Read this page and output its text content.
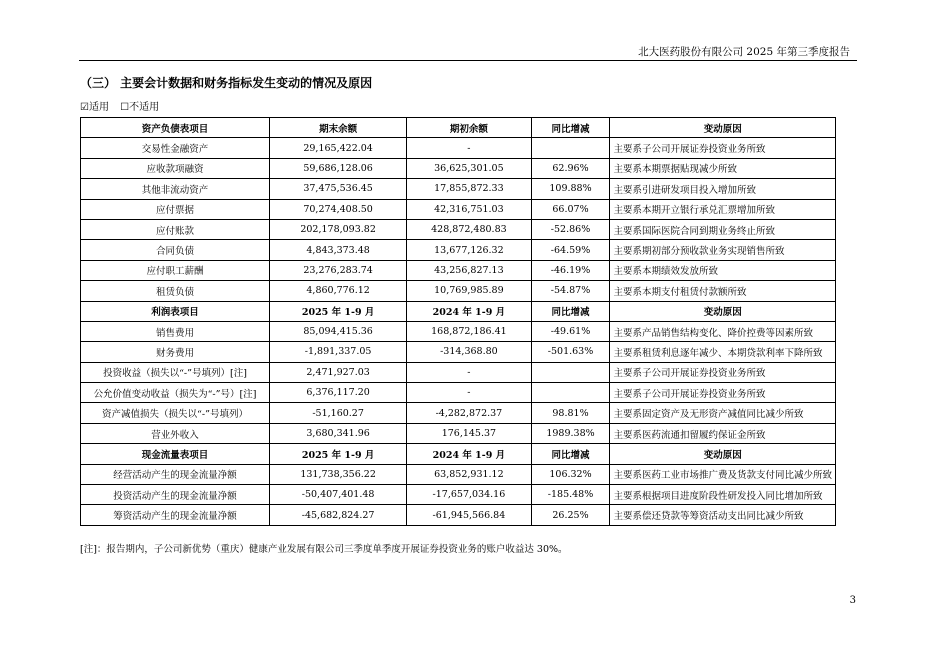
北大医药股份有限公司 2025 年第三季度报告
（三） 主要会计数据和财务指标发生变动的情况及原因
☑适用 ☐不适用
资产负债表项目	期末余额	期初余额	同比增减	变动原因
交易性金融资产	29,165,422.04	-		主要系子公司开展证券投资业务所致
应收款项融资	59,686,128.06	36,625,301.05	62.96%	主要系本期票据贴现减少所致
其他非流动资产	37,475,536.45	17,855,872.33	109.88%	主要系引进研发项目投入增加所致
应付票据	70,274,408.50	42,316,751.03	66.07%	主要系本期开立银行承兑汇票增加所致
应付账款	202,178,093.82	428,872,480.83	-52.86%	主要系国际医院合同到期业务终止所致
合同负债	4,843,373.48	13,677,126.32	-64.59%	主要系期初部分预收款业务实现销售所致
应付职工薪酬	23,276,283.74	43,256,827.13	-46.19%	主要系本期绩效发放所致
租赁负债	4,860,776.12	10,769,985.89	-54.87%	主要系本期支付租赁付款额所致
利润表项目	2025 年 1-9 月	2024 年 1-9 月	同比增减	变动原因
销售费用	85,094,415.36	168,872,186.41	-49.61%	主要系产品销售结构变化、降价控费等因素所致
财务费用	-1,891,337.05	-314,368.80	-501.63%	主要系租赁利息逐年减少、本期贷款利率下降所致
投资收益（损失以“-”号填列）[注]	2,471,927.03	-		主要系子公司开展证券投资业务所致
公允价值变动收益（损失为“-”号）[注]	6,376,117.20	-		主要系子公司开展证券投资业务所致
资产减值损失（损失以“-”号填列）	-51,160.27	-4,282,872.37	98.81%	主要系固定资产及无形资产减值同比减少所致
营业外收入	3,680,341.96	176,145.37	1989.38%	主要系医药流通扣留履约保证金所致
现金流量表项目	2025 年 1-9 月	2024 年 1-9 月	同比增减	变动原因
经营活动产生的现金流量净额	131,738,356.22	63,852,931.12	106.32%	主要系医药工业市场推广费及货款支付同比减少所致
投资活动产生的现金流量净额	-50,407,401.48	-17,657,034.16	-185.48%	主要系根据项目进度阶段性研发投入同比增加所致
筹资活动产生的现金流量净额	-45,682,824.27	-61,945,566.84	26.25%	主要系偿还贷款等筹资活动支出同比减少所致
[注]：报告期内，子公司新优势（重庆）健康产业发展有限公司三季度单季度开展证券投资业务的账户收益达 30%。
3
